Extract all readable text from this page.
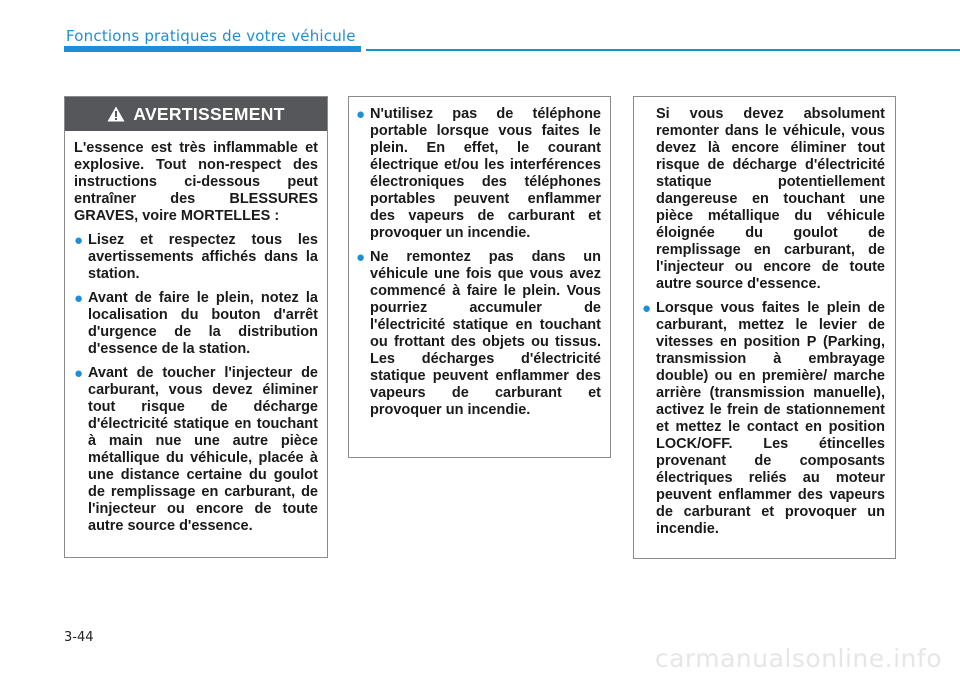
Fonctions pratiques de votre véhicule
AVERTISSEMENT

L'essence est très inflammable et explosive. Tout non-respect des instructions ci-dessous peut entraîner des BLESSURES GRAVES, voire MORTELLES :

● Lisez et respectez tous les avertissements affichés dans la station.

● Avant de faire le plein, notez la localisation du bouton d'arrêt d'urgence de la distribution d'essence de la station.

● Avant de toucher l'injecteur de carburant, vous devez éliminer tout risque de décharge d'électricité statique en touchant à main nue une autre pièce métallique du véhicule, placée à une distance certaine du goulot de remplissage en carburant, de l'injecteur ou encore de toute autre source d'essence.

● N'utilisez pas de téléphone portable lorsque vous faites le plein. En effet, le courant électrique et/ou les interférences électroniques des téléphones portables peuvent enflammer des vapeurs de carburant et provoquer un incendie.

● Ne remontez pas dans un véhicule une fois que vous avez commencé à faire le plein. Vous pourriez accumuler de l'électricité statique en touchant ou frottant des objets ou tissus. Les décharges d'électricité statique peuvent enflammer des vapeurs de carburant et provoquer un incendie.

Si vous devez absolument remonter dans le véhicule, vous devez là encore éliminer tout risque de décharge d'électricité statique potentiellement dangereuse en touchant une pièce métallique du véhicule éloignée du goulot de remplissage en carburant, de l'injecteur ou encore de toute autre source d'essence.

● Lorsque vous faites le plein de carburant, mettez le levier de vitesses en position P (Parking, transmission à embrayage double) ou en première/ marche arrière (transmission manuelle), activez le frein de stationnement et mettez le contact en position LOCK/OFF. Les étincelles provenant de composants électriques reliés au moteur peuvent enflammer des vapeurs de carburant et provoquer un incendie.

3-44
carmanualsonline.info
